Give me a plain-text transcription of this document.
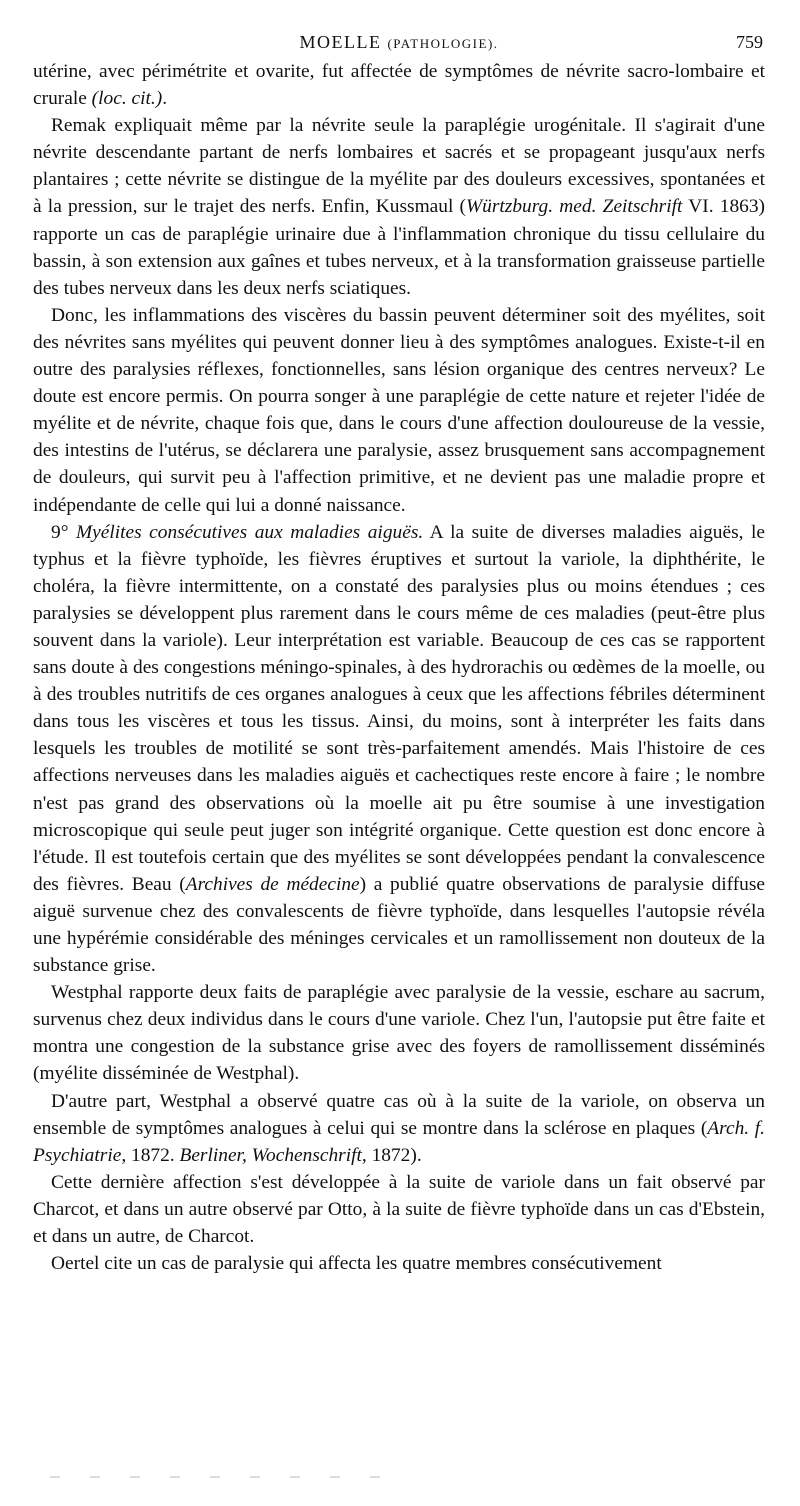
MOELLE (PATHOLOGIE).	759

utérine, avec périmétrite et ovarite, fut affectée de symptômes de névrite sacro-lombaire et crurale (loc. cit.).

Remak expliquait même par la névrite seule la paraplégie urogénitale. Il s'agirait d'une névrite descendante partant de nerfs lombaires et sacrés et se propageant jusqu'aux nerfs plantaires ; cette névrite se distingue de la myélite par des douleurs excessives, spontanées et à la pression, sur le trajet des nerfs. Enfin, Kussmaul (Würtzburg. med. Zeitschrift VI. 1863) rapporte un cas de paraplégie urinaire due à l'inflammation chronique du tissu cellulaire du bassin, à son extension aux gaînes et tubes nerveux, et à la transformation graisseuse partielle des tubes nerveux dans les deux nerfs sciatiques.

Donc, les inflammations des viscères du bassin peuvent déterminer soit des myélites, soit des névrites sans myélites qui peuvent donner lieu à des symptômes analogues. Existe-t-il en outre des paralysies réflexes, fonctionnelles, sans lésion organique des centres nerveux? Le doute est encore permis. On pourra songer à une paraplégie de cette nature et rejeter l'idée de myélite et de névrite, chaque fois que, dans le cours d'une affection douloureuse de la vessie, des intestins de l'utérus, se déclarera une paralysie, assez brusquement sans accompagnement de douleurs, qui survit peu à l'affection primitive, et ne devient pas une maladie propre et indépendante de celle qui lui a donné naissance.

9° Myélites consécutives aux maladies aiguës. A la suite de diverses maladies aiguës, le typhus et la fièvre typhoïde, les fièvres éruptives et surtout la variole, la diphthérite, le choléra, la fièvre intermittente, on a constaté des paralysies plus ou moins étendues ; ces paralysies se développent plus rarement dans le cours même de ces maladies (peut-être plus souvent dans la variole). Leur interprétation est variable. Beaucoup de ces cas se rapportent sans doute à des congestions méningo-spinales, à des hydrorachis ou œdèmes de la moelle, ou à des troubles nutritifs de ces organes analogues à ceux que les affections fébriles déterminent dans tous les viscères et tous les tissus. Ainsi, du moins, sont à interpréter les faits dans lesquels les troubles de motilité se sont très-parfaitement amendés. Mais l'histoire de ces affections nerveuses dans les maladies aiguës et cachectiques reste encore à faire ; le nombre n'est pas grand des observations où la moelle ait pu être soumise à une investigation microscopique qui seule peut juger son intégrité organique. Cette question est donc encore à l'étude. Il est toutefois certain que des myélites se sont développées pendant la convalescence des fièvres. Beau (Archives de médecine) a publié quatre observations de paralysie diffuse aiguë survenue chez des convalescents de fièvre typhoïde, dans lesquelles l'autopsie révéla une hypérémie considérable des méninges cervicales et un ramollissement non douteux de la substance grise.

Westphal rapporte deux faits de paraplégie avec paralysie de la vessie, eschare au sacrum, survenus chez deux individus dans le cours d'une variole. Chez l'un, l'autopsie put être faite et montra une congestion de la substance grise avec des foyers de ramollissement disséminés (myélite disséminée de Westphal).

D'autre part, Westphal a observé quatre cas où à la suite de la variole, on observa un ensemble de symptômes analogues à celui qui se montre dans la sclérose en plaques (Arch. f. Psychiatrie, 1872. Berliner, Wochenschrift, 1872).

Cette dernière affection s'est développée à la suite de variole dans un fait observé par Charcot, et dans un autre observé par Otto, à la suite de fièvre typhoïde dans un cas d'Ebstein, et dans un autre, de Charcot.

Oertel cite un cas de paralysie qui affecta les quatre membres consécutivement
